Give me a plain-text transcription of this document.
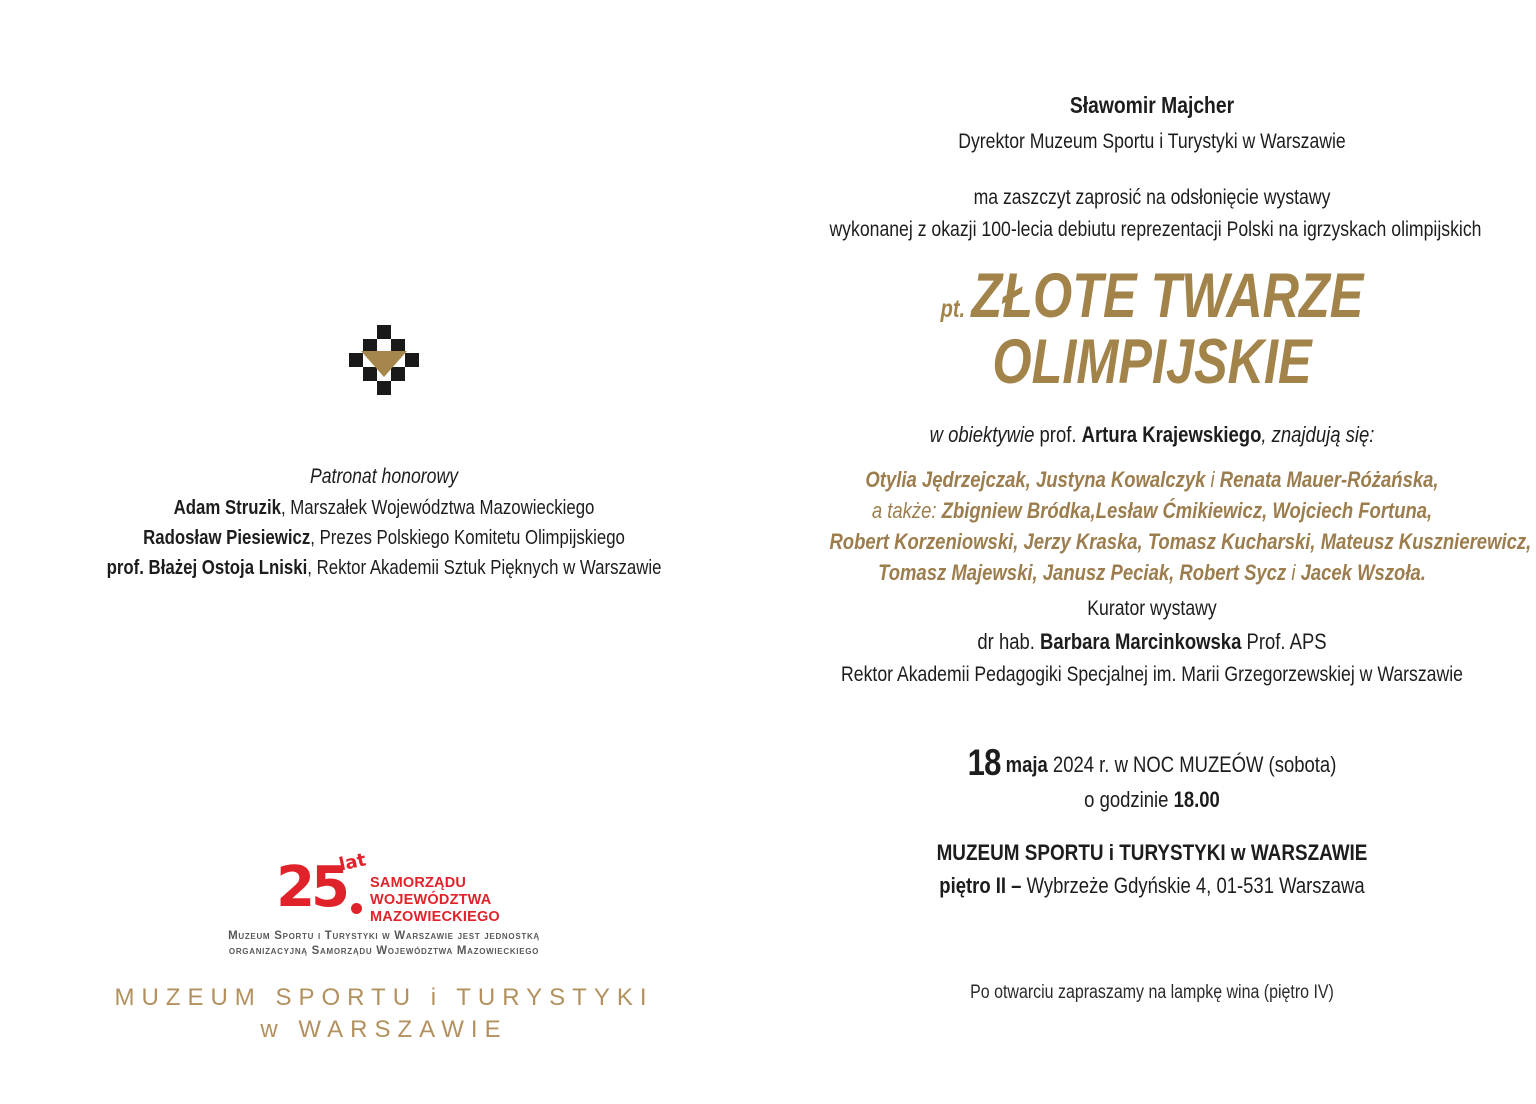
Patronat honorowy
Adam Struzik, Marszałek Województwa Mazowieckiego
Radosław Piesiewicz, Prezes Polskiego Komitetu Olimpijskiego
prof. Błażej Ostoja Lniski, Rektor Akademii Sztuk Pięknych w Warszawie
25
lat
SAMORZĄDU
WOJEWÓDZTWA
MAZOWIECKIEGO
Muzeum Sportu i Turystyki w Warszawie jest jednostką
organizacyjną Samorządu Województwa Mazowieckiego
MUZEUM SPORTU i TURYSTYKI
w WARSZAWIE
Sławomir Majcher
Dyrektor Muzeum Sportu i Turystyki w Warszawie
ma zaszczyt zaprosić na odsłonięcie wystawy
wykonanej z okazji 100-lecia debiutu reprezentacji Polski na igrzyskach olimpijskich
pt. ZŁOTE TWARZE
OLIMPIJSKIE
w obiektywie prof. Artura Krajewskiego, znajdują się:
Otylia Jędrzejczak, Justyna Kowalczyk i Renata Mauer-Różańska,
a także: Zbigniew Bródka,Lesław Ćmikiewicz, Wojciech Fortuna,
Robert Korzeniowski, Jerzy Kraska, Tomasz Kucharski, Mateusz Kusznierewicz,
Tomasz Majewski, Janusz Peciak, Robert Sycz i Jacek Wszoła.
Kurator wystawy
dr hab. Barbara Marcinkowska Prof. APS
Rektor Akademii Pedagogiki Specjalnej im. Marii Grzegorzewskiej w Warszawie
18 maja 2024 r. w NOC MUZEÓW (sobota)
o godzinie 18.00
MUZEUM SPORTU i TURYSTYKI w WARSZAWIE
piętro II – Wybrzeże Gdyńskie 4, 01-531 Warszawa
Po otwarciu zapraszamy na lampkę wina (piętro IV)
